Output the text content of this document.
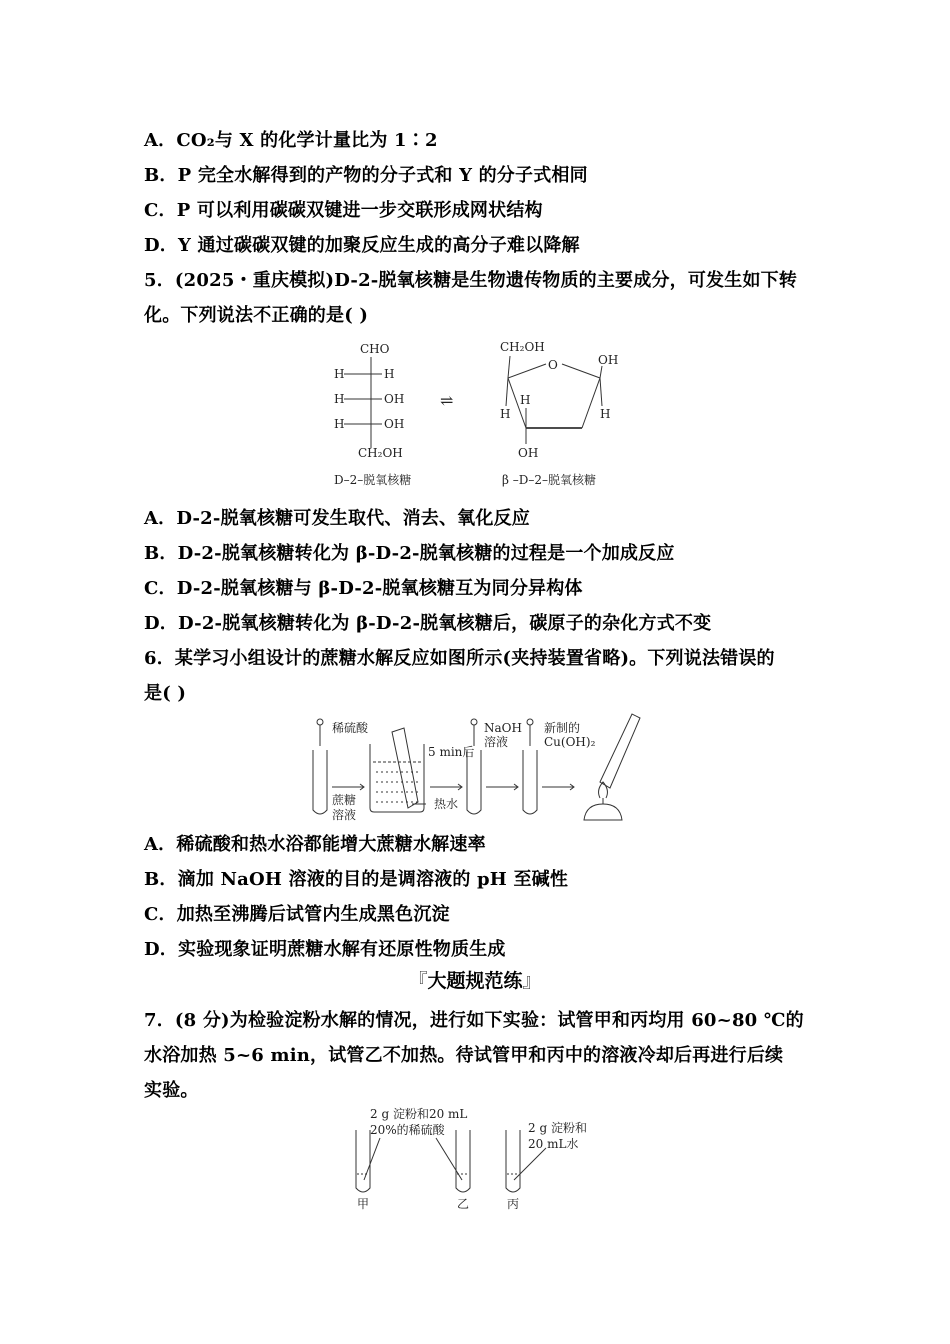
A．CO₂与 X 的化学计量比为 1∶2
B．P 完全水解得到的产物的分子式和 Y 的分子式相同
C．P 可以利用碳碳双键进一步交联形成网状结构
D．Y 通过碳碳双键的加聚反应生成的高分子难以降解
5．(2025・重庆模拟)D-2-脱氧核糖是生物遗传物质的主要成分，可发生如下转
化。下列说法不正确的是( )
CHO
H	H
H	OH
H	OH
CH₂OH
D–2–脱氧核糖
⇌
CH₂OH
O	OH
H
H
H
OH
β –D–2–脱氧核糖
A．D-2-脱氧核糖可发生取代、消去、氧化反应
B．D-2-脱氧核糖转化为 β-D-2-脱氧核糖的过程是一个加成反应
C．D-2-脱氧核糖与 β-D-2-脱氧核糖互为同分异构体
D．D-2-脱氧核糖转化为 β-D-2-脱氧核糖后，碳原子的杂化方式不变
6．某学习小组设计的蔗糖水解反应如图所示(夹持装置省略)。下列说法错误的
是( )
稀硫酸
蔗糖
溶液
5 min后
热水
NaOH
溶液
新制的
Cu(OH)₂
A．稀硫酸和热水浴都能增大蔗糖水解速率
B．滴加 NaOH 溶液的目的是调溶液的 pH 至碱性
C．加热至沸腾后试管内生成黑色沉淀
D．实验现象证明蔗糖水解有还原性物质生成
『大题规范练』
7．(8 分)为检验淀粉水解的情况，进行如下实验：试管甲和丙均用 60~80 ℃的
水浴加热 5~6 min，试管乙不加热。待试管甲和丙中的溶液冷却后再进行后续
实验。
2 g 淀粉和20 mL
20%的稀硫酸	2 g 淀粉和
20 mL水
甲	乙	丙
